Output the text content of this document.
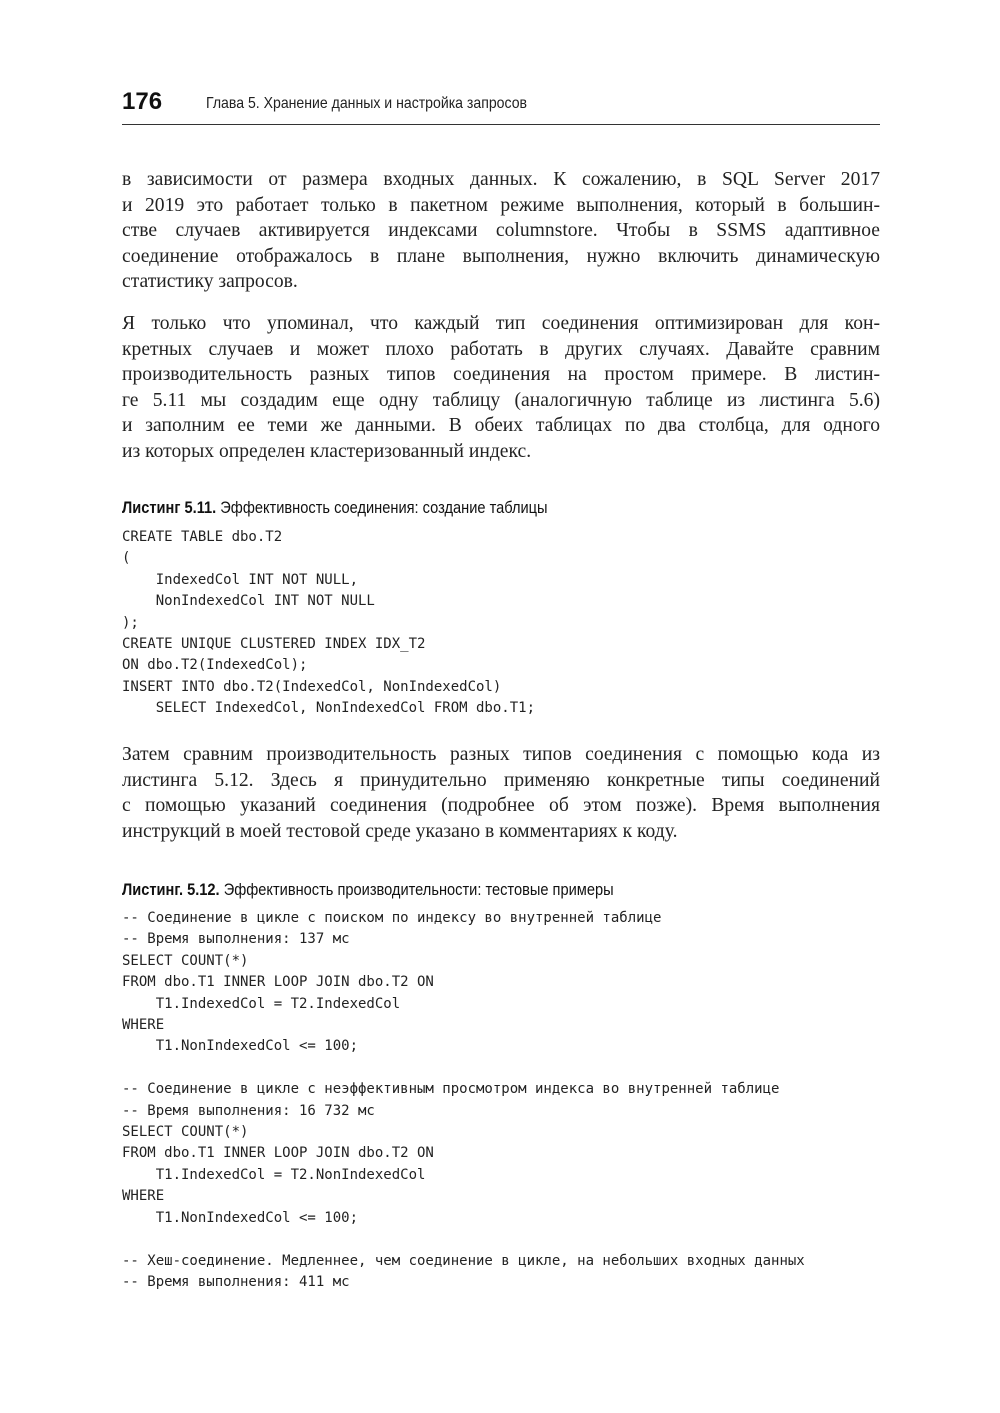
176	Глава 5. Хранение данных и настройка запросов
в зависимости от размера входных данных. К сожалению, в SQL Server 2017
и 2019 это работает только в пакетном режиме выполнения, который в большин-
стве случаев активируется индексами columnstore. Чтобы в SSMS адаптивное
соединение отображалось в плане выполнения, нужно включить динамическую
статистику запросов.
Я только что упоминал, что каждый тип соединения оптимизирован для кон-
кретных случаев и может плохо работать в других случаях. Давайте сравним
производительность разных типов соединения на простом примере. В листин-
ге 5.11 мы создадим еще одну таблицу (аналогичную таблице из листинга 5.6)
и заполним ее теми же данными. В обеих таблицах по два столбца, для одного
из которых определен кластеризованный индекс.
Листинг 5.11. Эффективность соединения: создание таблицы
CREATE TABLE dbo.T2
(
IndexedCol INT NOT NULL,
NonIndexedCol INT NOT NULL
);
CREATE UNIQUE CLUSTERED INDEX IDX_T2
ON dbo.T2(IndexedCol);
INSERT INTO dbo.T2(IndexedCol, NonIndexedCol)
SELECT IndexedCol, NonIndexedCol FROM dbo.T1;
Затем сравним производительность разных типов соединения с помощью кода из
листинга 5.12. Здесь я принудительно применяю конкретные типы соединений
с помощью указаний соединения (подробнее об этом позже). Время выполнения
инструкций в моей тестовой среде указано в комментариях к коду.
Листинг. 5.12. Эффективность производительности: тестовые примеры
-- Соединение в цикле с поиском по индексу во внутренней таблице
-- Время выполнения: 137 мс
SELECT COUNT(*)
FROM dbo.T1 INNER LOOP JOIN dbo.T2 ON
T1.IndexedCol = T2.IndexedCol
WHERE
T1.NonIndexedCol <= 100;

-- Соединение в цикле с неэффективным просмотром индекса во внутренней таблице
-- Время выполнения: 16 732 мс
SELECT COUNT(*)
FROM dbo.T1 INNER LOOP JOIN dbo.T2 ON
T1.IndexedCol = T2.NonIndexedCol
WHERE
T1.NonIndexedCol <= 100;

-- Хеш-соединение. Медленнее, чем соединение в цикле, на небольших входных данных
-- Время выполнения: 411 мс
